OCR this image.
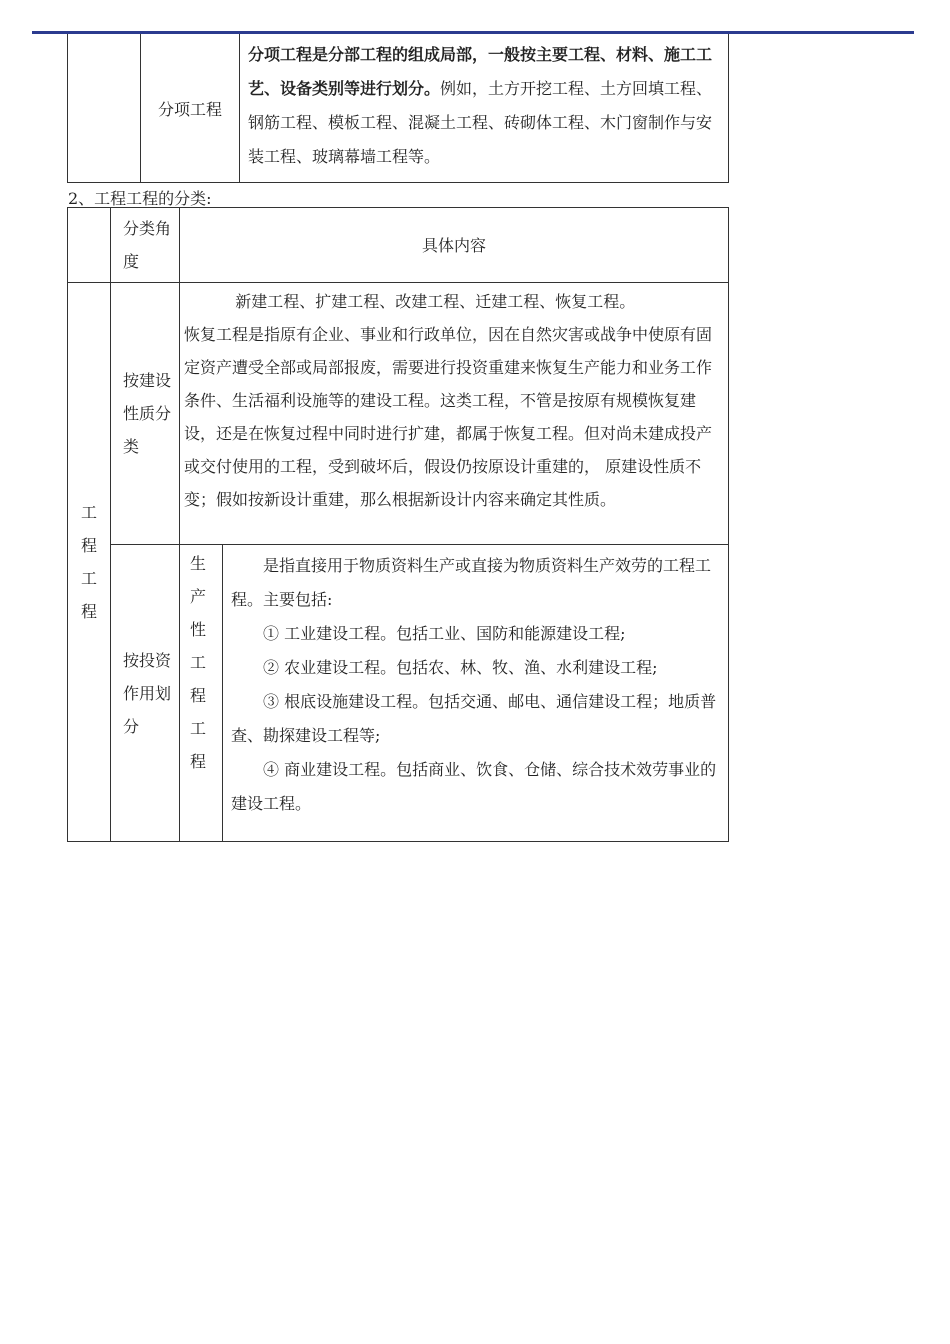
	分项工程	分项工程是分部工程的组成局部，一般按主要工程、材料、施工工艺、设备类别等进行划分。例如，土方开挖工程、土方回填工程、钢筋工程、模板工程、混凝土工程、砖砌体工程、木门窗制作与安装工程、玻璃幕墙工程等。
2、工程工程的分类:
	分类角度	具体内容	
工程工程	按建设性质分类	新建工程、扩建工程、改建工程、迁建工程、恢复工程。

恢复工程是指原有企业、事业和行政单位，因在自然灾害或战争中使原有固定资产遭受全部或局部报废，需要进行投资重建来恢复生产能力和业务工作条件、生活福利设施等的建设工程。这类工程，不管是按原有规模恢复建设，还是在恢复过程中同时进行扩建，都属于恢复工程。但对尚未建成投产或交付使用的工程，受到破坏后，假设仍按原设计重建的， 原建设性质不变；假如按新设计重建，那么根据新设计内容来确定其性质。	

	按投资作用划分	生产性工程工程	是指直接用于物质资料生产或直接为物质资料生产效劳的工程工程。主要包括:

① 工业建设工程。包括工业、国防和能源建设工程;

② 农业建设工程。包括农、林、牧、渔、水利建设工程;

③ 根底设施建设工程。包括交通、邮电、通信建设工程；地质普查、勘探建设工程等;

④ 商业建设工程。包括商业、饮食、仓储、综合技术效劳事业的建设工程。
